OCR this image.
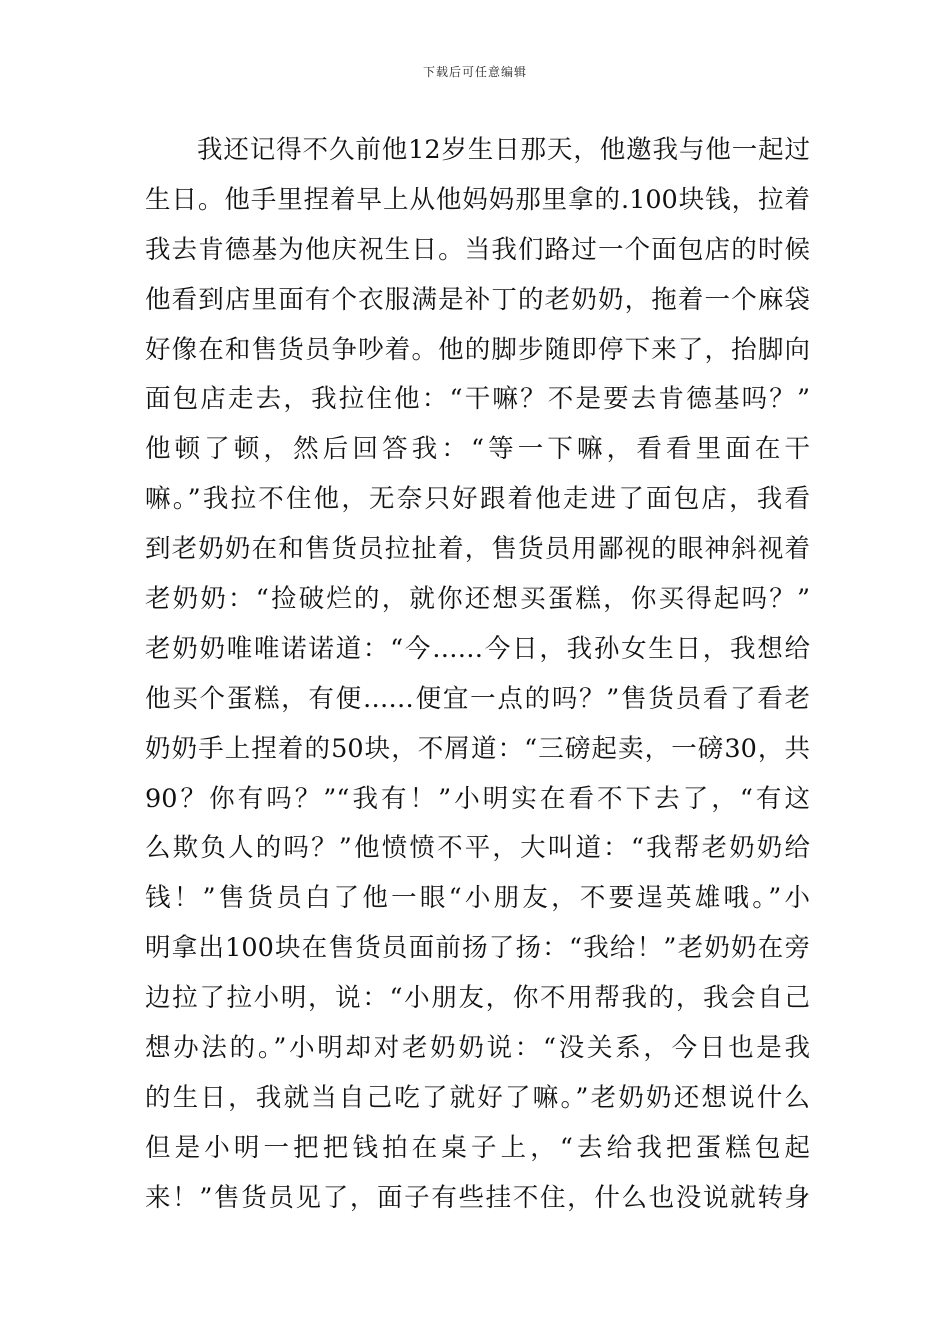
下载后可任意编辑
我还记得不久前他12岁生日那天，他邀我与他一起过
生日。他手里捏着早上从他妈妈那里拿的.100块钱，拉着
我去肯德基为他庆祝生日。当我们路过一个面包店的时候
他看到店里面有个衣服满是补丁的老奶奶，拖着一个麻袋
好像在和售货员争吵着。他的脚步随即停下来了，抬脚向
面包店走去，我拉住他：“干嘛？不是要去肯德基吗？”
他顿了顿，然后回答我：“等一下嘛，看看里面在干
嘛。”我拉不住他，无奈只好跟着他走进了面包店，我看
到老奶奶在和售货员拉扯着，售货员用鄙视的眼神斜视着
老奶奶：“捡破烂的，就你还想买蛋糕，你买得起吗？”
老奶奶唯唯诺诺道：“今……今日，我孙女生日，我想给
他买个蛋糕，有便……便宜一点的吗？”售货员看了看老
奶奶手上捏着的50块，不屑道：“三磅起卖，一磅30，共
90？你有吗？”“我有！”小明实在看不下去了，“有这
么欺负人的吗？”他愤愤不平，大叫道：“我帮老奶奶给
钱！”售货员白了他一眼“小朋友，不要逞英雄哦。”小
明拿出100块在售货员面前扬了扬：“我给！”老奶奶在旁
边拉了拉小明，说：“小朋友，你不用帮我的，我会自己
想办法的。”小明却对老奶奶说：“没关系，今日也是我
的生日，我就当自己吃了就好了嘛。”老奶奶还想说什么
但是小明一把把钱拍在桌子上，“去给我把蛋糕包起
来！”售货员见了，面子有些挂不住，什么也没说就转身
